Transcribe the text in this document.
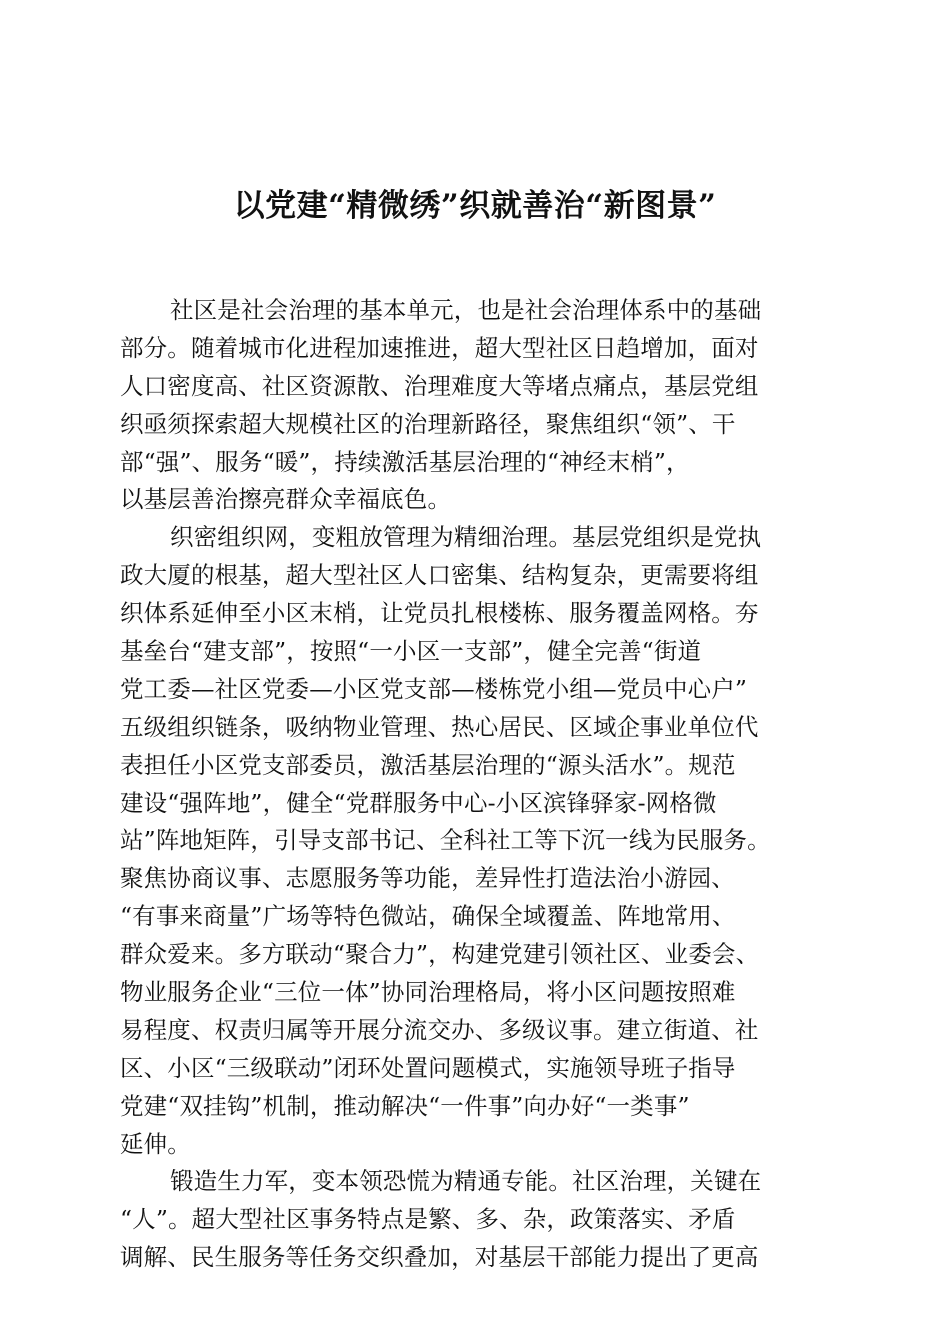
以党建“精微绣”织就善治“新图景”
社区是社会治理的基本单元，也是社会治理体系中的基础
部分。随着城市化进程加速推进，超大型社区日趋增加，面对
人口密度高、社区资源散、治理难度大等堵点痛点，基层党组
织亟须探索超大规模社区的治理新路径，聚焦组织“领”、干
部“强”、服务“暖”，持续激活基层治理的“神经末梢”，
以基层善治擦亮群众幸福底色。
织密组织网，变粗放管理为精细治理。基层党组织是党执
政大厦的根基，超大型社区人口密集、结构复杂，更需要将组
织体系延伸至小区末梢，让党员扎根楼栋、服务覆盖网格。夯
基垒台“建支部”，按照“一小区一支部”，健全完善“街道
党工委—社区党委—小区党支部—楼栋党小组—党员中心户”
五级组织链条，吸纳物业管理、热心居民、区域企事业单位代
表担任小区党支部委员，激活基层治理的“源头活水”。规范
建设“强阵地”，健全“党群服务中心-小区滨锋驿家-网格微
站”阵地矩阵，引导支部书记、全科社工等下沉一线为民服务。
聚焦协商议事、志愿服务等功能，差异性打造法治小游园、
“有事来商量”广场等特色微站，确保全域覆盖、阵地常用、
群众爱来。多方联动“聚合力”，构建党建引领社区、业委会、
物业服务企业“三位一体”协同治理格局，将小区问题按照难
易程度、权责归属等开展分流交办、多级议事。建立街道、社
区、小区“三级联动”闭环处置问题模式，实施领导班子指导
党建“双挂钩”机制，推动解决“一件事”向办好“一类事”
延伸。
锻造生力军，变本领恐慌为精通专能。社区治理，关键在
“人”。超大型社区事务特点是繁、多、杂，政策落实、矛盾
调解、民生服务等任务交织叠加，对基层干部能力提出了更高
